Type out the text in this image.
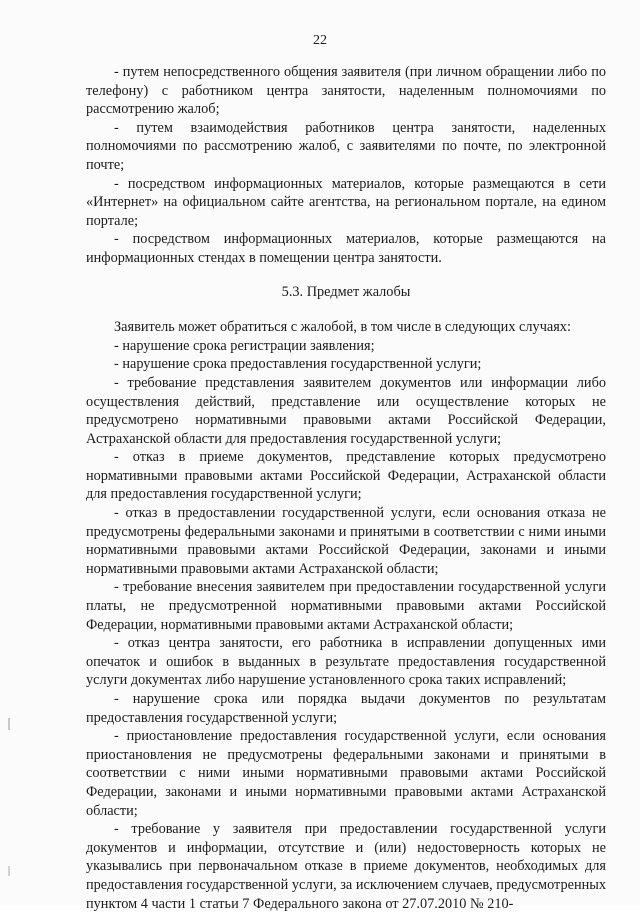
22

- путем непосредственного общения заявителя (при личном обращении либо по телефону) с работником центра занятости, наделенным полномочиями по рассмотрению жалоб;

- путем взаимодействия работников центра занятости, наделенных полномочиями по рассмотрению жалоб, с заявителями по почте, по электронной почте;

- посредством информационных материалов, которые размещаются в сети «Интернет» на официальном сайте агентства, на региональном портале, на едином портале;

- посредством информационных материалов, которые размещаются на информационных стендах в помещении центра занятости.

5.3. Предмет жалобы

Заявитель может обратиться с жалобой, в том числе в следующих случаях:

- нарушение срока регистрации заявления;

- нарушение срока предоставления государственной услуги;

- требование представления заявителем документов или информации либо осуществления действий, представление или осуществление которых не предусмотрено нормативными правовыми актами Российской Федерации, Астраханской области для предоставления государственной услуги;

- отказ в приеме документов, представление которых предусмотрено нормативными правовыми актами Российской Федерации, Астраханской области для предоставления государственной услуги;

- отказ в предоставлении государственной услуги, если основания отказа не предусмотрены федеральными законами и принятыми в соответствии с ними иными нормативными правовыми актами Российской Федерации, законами и иными нормативными правовыми актами Астраханской области;

- требование внесения заявителем при предоставлении государственной услуги платы, не предусмотренной нормативными правовыми актами Российской Федерации, нормативными правовыми актами Астраханской области;

- отказ центра занятости, его работника в исправлении допущенных ими опечаток и ошибок в выданных в результате предоставления государственной услуги документах либо нарушение установленного срока таких исправлений;

- нарушение срока или порядка выдачи документов по результатам предоставления государственной услуги;

- приостановление предоставления государственной услуги, если основания приостановления не предусмотрены федеральными законами и принятыми в соответствии с ними иными нормативными правовыми актами Российской Федерации, законами и иными нормативными правовыми актами Астраханской области;

- требование у заявителя при предоставлении государственной услуги документов и информации, отсутствие и (или) недостоверность которых не указывались при первоначальном отказе в приеме документов, необходимых для предоставления государственной услуги, за исключением случаев, предусмотренных пунктом 4 части 1 статьи 7 Федерального закона от 27.07.2010 № 210-
